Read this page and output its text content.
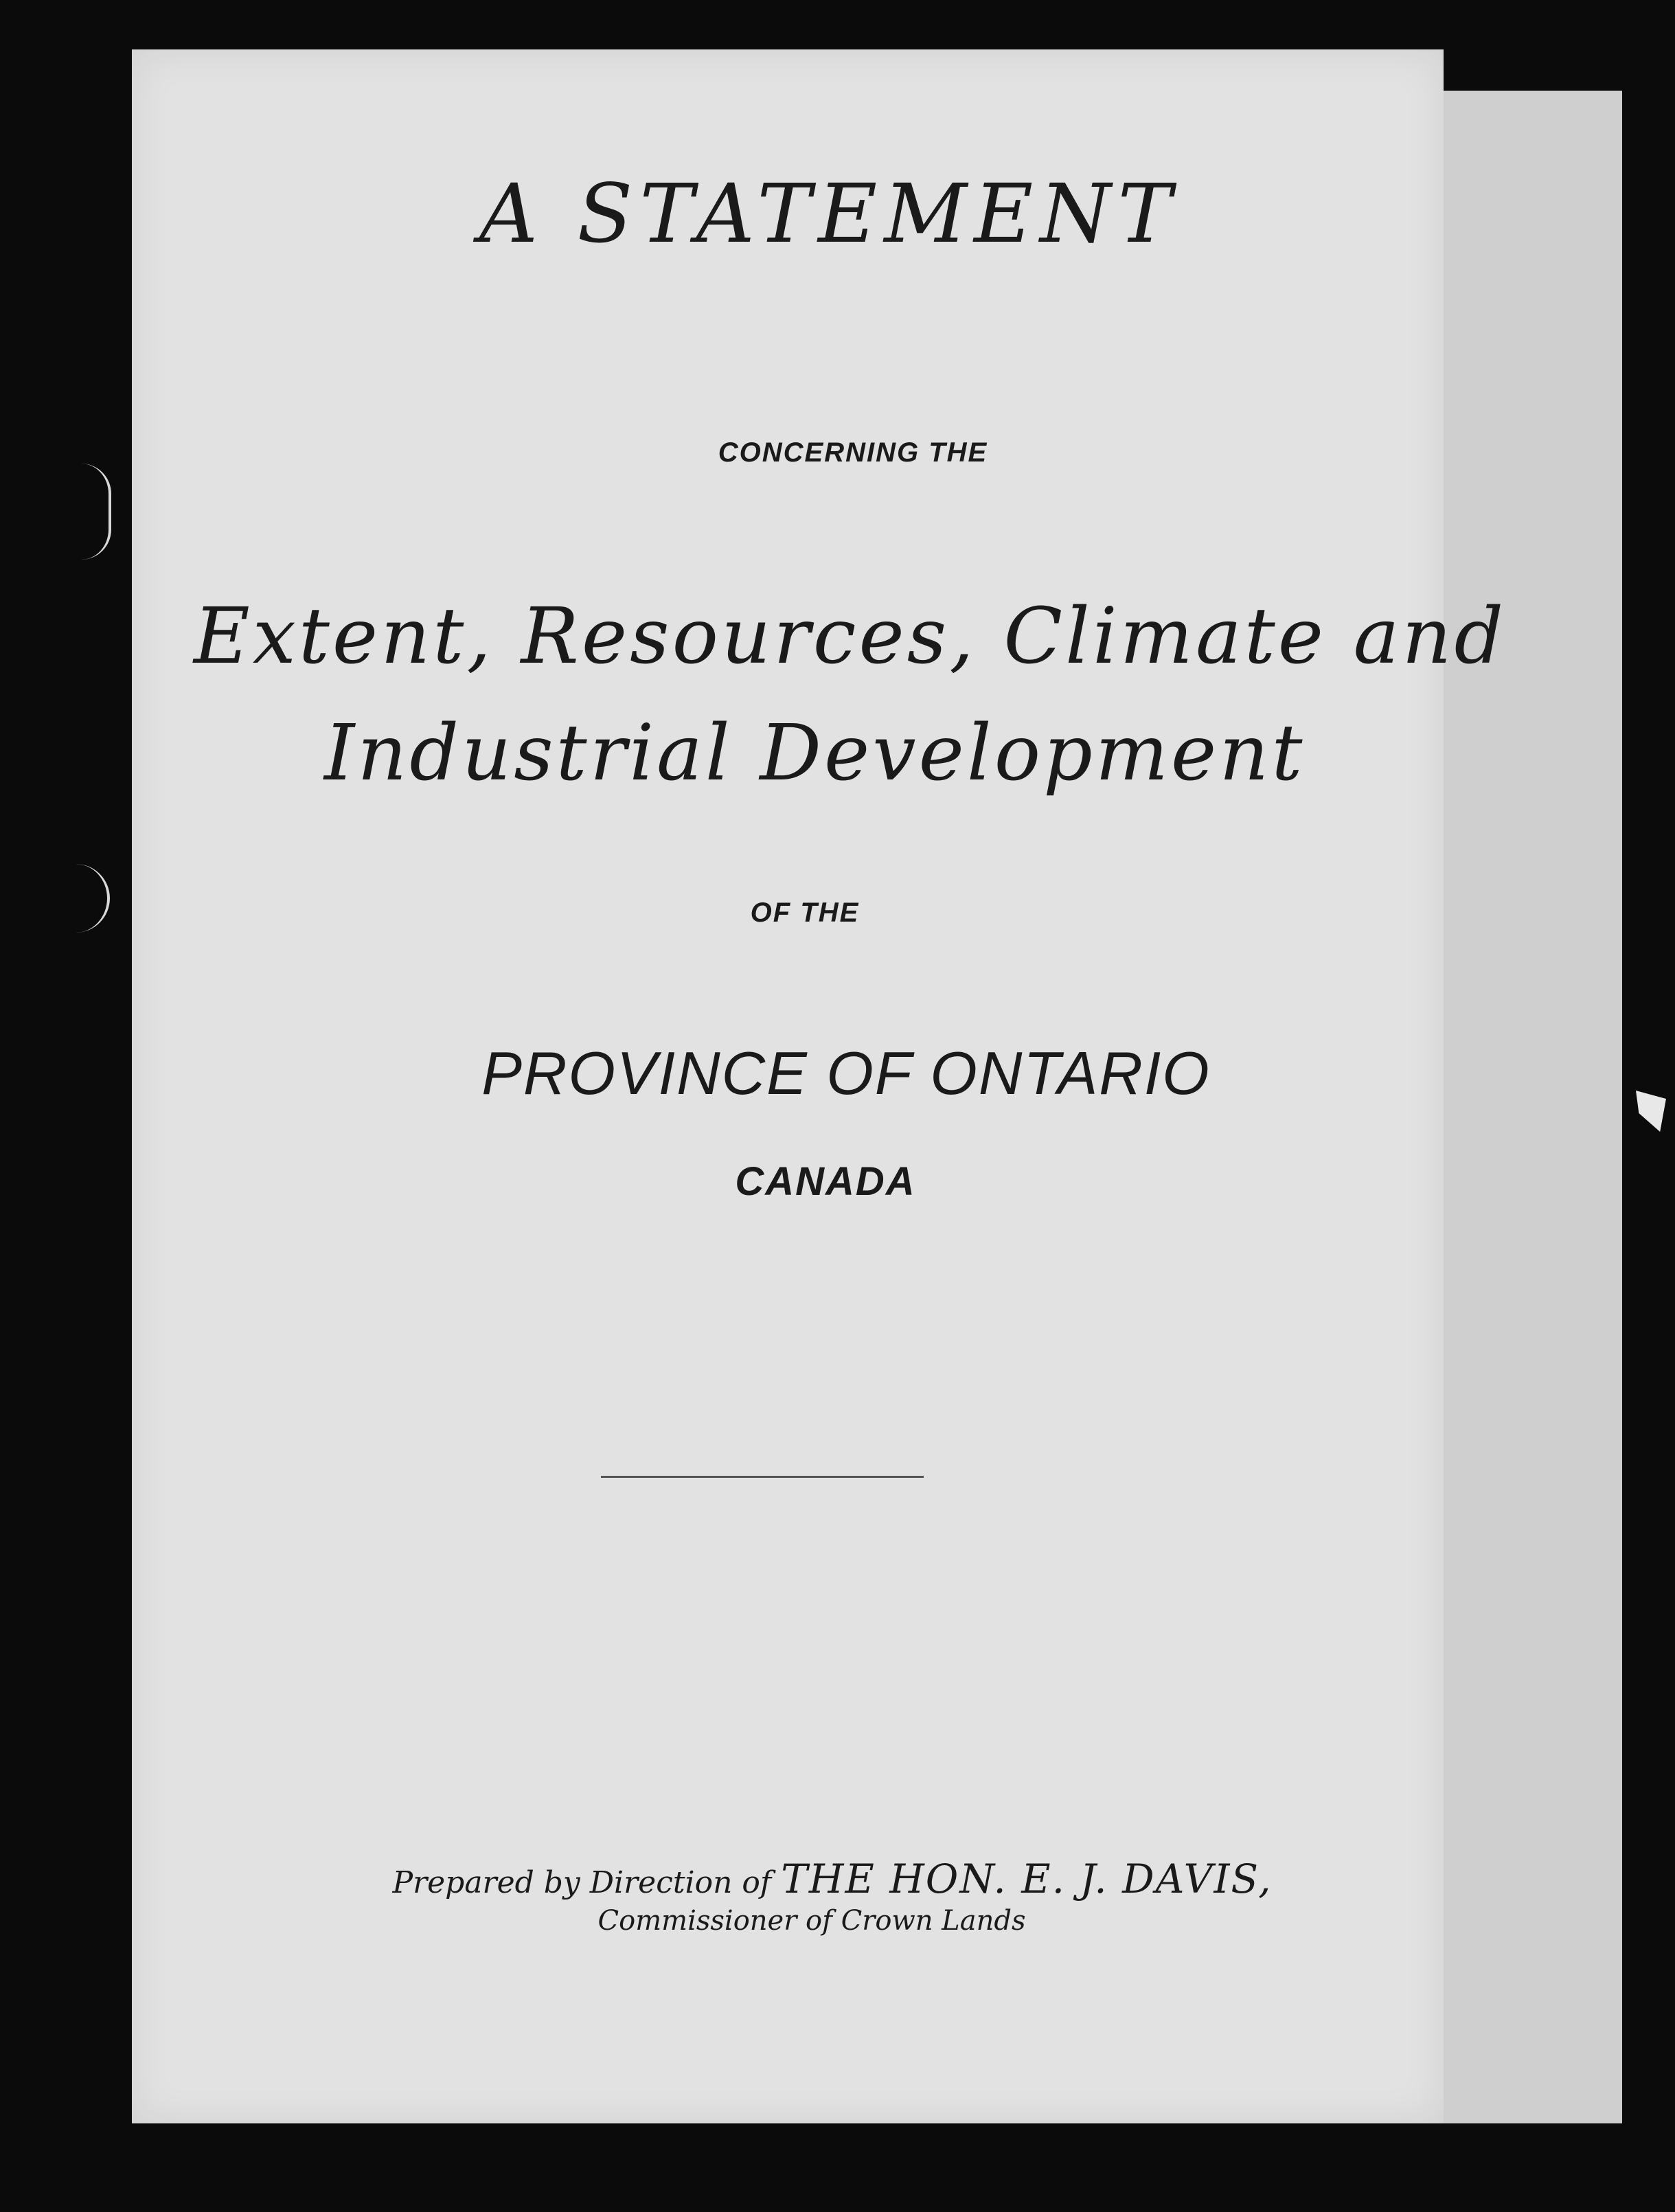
A STATEMENT
CONCERNING THE
Extent, Resources, Climate and
Industrial Development
OF THE
PROVINCE OF ONTARIO
CANADA
Prepared by Direction of THE HON. E. J. DAVIS,
Commissioner of Crown Lands
